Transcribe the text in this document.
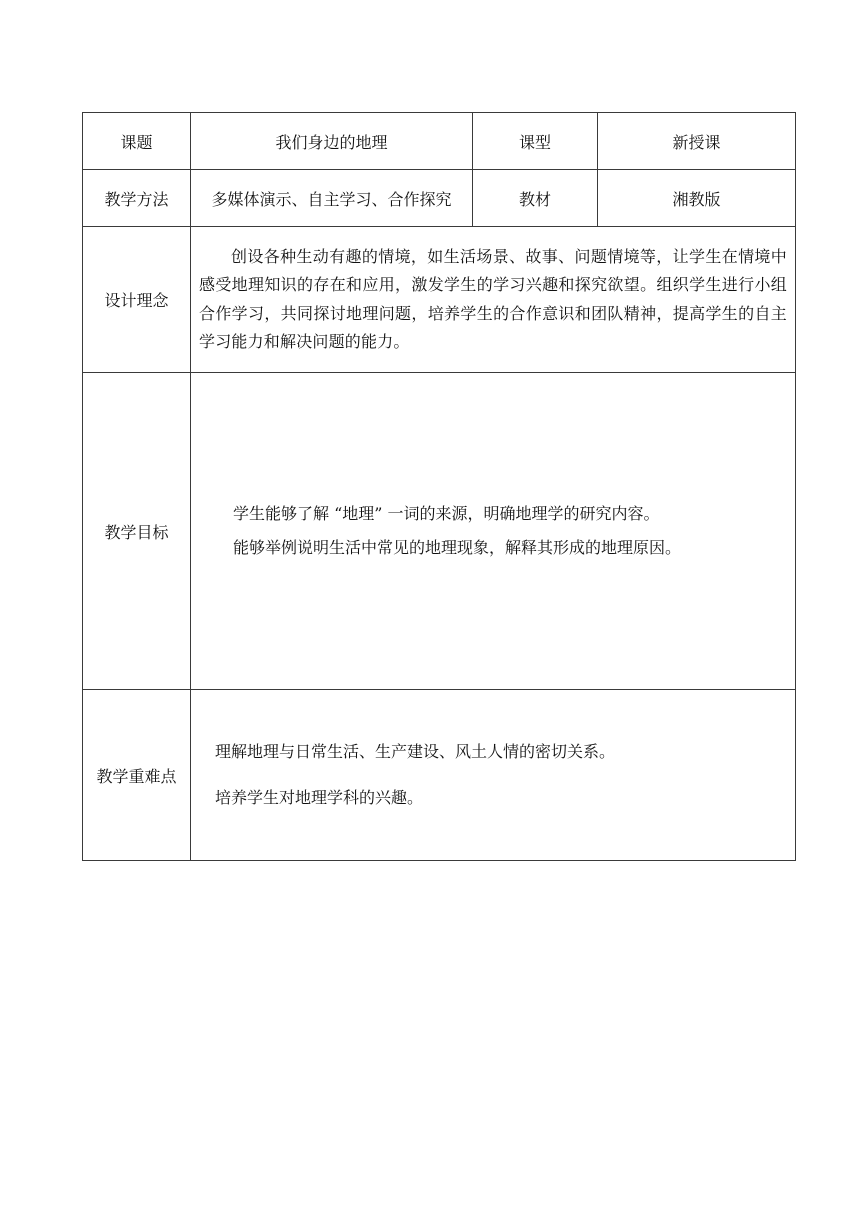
课题	我们身边的地理	课型	新授课
教学方法	多媒体演示、自主学习、合作探究	教材	湘教版
设计理念	创设各种生动有趣的情境，如生活场景、故事、问题情境等，让学生在情境中感受地理知识的存在和应用，激发学生的学习兴趣和探究欲望。组织学生进行小组合作学习，共同探讨地理问题，培养学生的合作意识和团队精神，提高学生的自主学习能力和解决问题的能力。		

教学目标	学生能够了解 “地理” 一词的来源，明确地理学的研究内容。
能够举例说明生活中常见的地理现象，解释其形成的地理原因。		

教学重难点	理解地理与日常生活、生产建设、风土人情的密切关系。
培养学生对地理学科的兴趣。		
